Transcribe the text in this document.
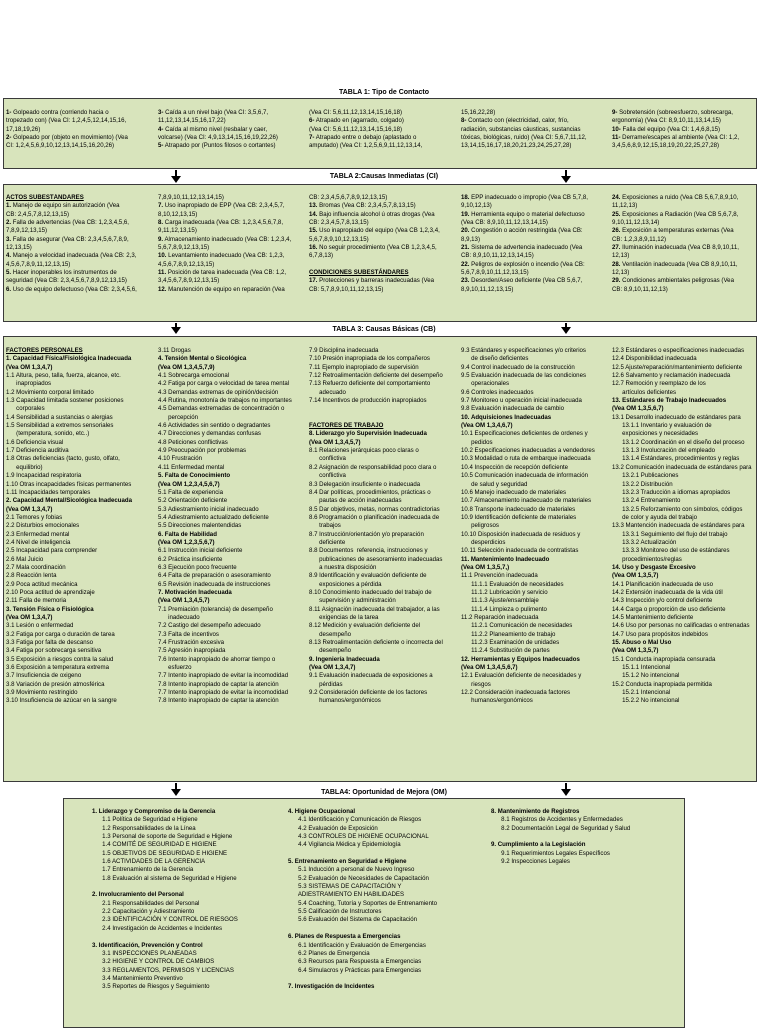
TABLA 1: Tipo de Contacto
1- Golpeado contra (corriendo hacia o
tropezado con) (Vea CI: 1,2,4,5,12,14,15,16,
17,18,19,26)
2- Golpeado por (objeto en movimiento) (Vea
CI: 1,2,4,5,6,9,10,12,13,14,15,16,20,26)
3- Caída a un nivel bajo (Vea CI: 3,5,6,7,
11,12,13,14,15,16,17,22)
4- Caída al mismo nivel (resbalar y caer,
volcarse) (Vea CI: 4,9,13,14,15,16,19,22,26)
5- Atrapado por (Puntos filosos o cortantes)
(Vea CI: 5,6,11,12,13,14,15,16,18)
6- Atrapado en (agarrado, colgado)
(Vea CI: 5,6,11,12,13,14,15,16,18)
7- Atrapado entre o debajo (aplastado o
amputado) (Vea CI: 1,2,5,6,9,11,12,13,14,
15,16,22,28)
8- Contacto con (electricidad, calor, frío,
radiación, substancias cáusticas, sustancias
tóxicas, biológicas, ruido) (Vea CI: 5,6,7,11,12,
13,14,15,16,17,18,20,21,23,24,25,27,28)
9- Sobretensión (sobreesfuerzo, sobrecarga,
ergonomía) (Vea CI: 8,9,10,11,13,14,15)
10- Falla del equipo (Vea CI: 1,4,6,8,15)
11- Derrame/escapes al ambiente (Vea CI: 1,2,
3,4,5,6,8,9,12,15,18,19,20,22,25,27,28)
TABLA 2:Causas Inmediatas (CI)
ACTOS SUBESTÁNDARES
1. Manejo de equipo sin autorización (Vea
CB: 2,4,5,7,8,12,13,15)
2. Falla de advertencias (Vea CB: 1,2,3,4,5,6,
7,8,9,12,13,15)
3. Falla de asegurar (Vea CB: 2,3,4,5,6,7,8,9,
12,13,15)
4. Manejo a velocidad inadecuada (Vea CB: 2,3,
4,5,6,7,8,9,11,12,13,15)
5. Hacer inoperables los instrumentos de
seguridad (Vea CB: 2,3,4,5,6,7,8,9,12,13,15)
6. Uso de equipo defectuoso (Vea CB: 2,3,4,5,6,
7,8,9,10,11,12,13,14,15)
7. Uso inapropiado de EPP (Vea CB: 2,3,4,5,7,
8,10,12,13,15)
8. Carga inadecuada (Vea CB: 1,2,3,4,5,6,7,8,
9,11,12,13,15)
9. Almacenamiento inadecuado (Vea CB: 1,2,3,4,
5,6,7,8,9,12,13,15)
10. Levantamiento inadecuado (Vea CB: 1,2,3,
4,5,6,7,8,9,12,13,15)
11. Posición de tarea inadecuada (Vea CB: 1,2,
3,4,5,6,7,8,9,12,13,15)
12. Manutención de equipo en reparación (Vea
CB: 2,3,4,5,6,7,8,9,12,13,15)
13. Bromas (Vea CB: 2,3,4,5,7,8,13,15)
14. Bajo influencia alcohol ú otras drogas (Vea
CB: 2,3,4,5,7,8,13,15)
15. Uso inapropiado del equipo (Vea CB 1,2,3,4,
5,6,7,8,9,10,12,13,15)
16. No seguir procedimiento (Vea CB 1,2,3,4,5,
6,7,8,13)

CONDICIONES SUBESTÁNDARES
17. Protecciones y barreras inadecuadas (Vea
CB: 5,7,8,9,10,11,12,13,15)
18. EPP inadecuado o impropio (Vea CB 5,7,8,
9,10,12,13)
19. Herramienta equipo o material defectuoso
(Vea CB: 8,9,10,11,12,13,14,15)
20. Congestión o acción restringida (Vea CB:
8,9,13)
21. Sistema de advertencia inadecuado (Vea
CB: 8,9,10,11,12,13,14,15)
22. Peligros de explosión o incendio (Vea CB:
5,6,7,8,9,10,11,12,13,15)
23. Desorden/Aseo deficiente (Vea CB 5,6,7,
8,9,10,11,12,13,15)
24. Exposiciones a ruido (Vea CB 5,6,7,8,9,10,
11,12,13)
25. Exposiciones a Radiación (Vea CB 5,6,7,8,
9,10,11,12,13,14)
26. Exposición a temperaturas externas (Vea
CB: 1,2,3,8,9,11,12)
27. Iluminación inadecuada (Vea CB 8,9,10,11,
12,13)
28. Ventilación inadecuada (Vea CB 8,9,10,11,
12,13)
29. Condiciones ambientales peligrosas (Vea
CB: 8,9,10,11,12,13)
TABLA 3: Causas Básicas (CB)
FACTORES PERSONALES
1. Capacidad Física/Fisiológica Inadecuada
(Vea OM 1,3,4,7)
1.1 Altura, peso, talla, fuerza, alcance, etc.
inapropiados
1.2 Movimiento corporal limitado
1.3 Capacidad limitada sostener posiciones
corporales
1.4 Sensibilidad a sustancias o alergias
1.5 Sensibilidad a extremos sensoriales
(temperatura, sonido, etc..)
1.6 Deficiencia visual
1.7 Deficiencia auditiva
1.8 Otras deficiencias (tacto, gusto, olfato,
equilibrio)
1.9 Incapacidad respiratoria
1.10 Otras incapacidades físicas permanentes
1.11 Incapacidades temporales
2. Capacidad Mental/Sicológica Inadecuada
(Vea OM 1,3,4,7)
2.1 Temores y fobias
2.2 Disturbios emocionales
2.3 Enfermedad mental
2.4 Nivel de inteligencia
2.5 Incapacidad para comprender
2.6 Mal Juicio
2.7 Mala coordinación
2.8 Reacción lenta
2.9 Poca actitud mecánica
2.10 Poca actitud de aprendizaje
2.11 Falla de memoria
3. Tensión Física o Fisiológica
(Vea OM 1,3,4,7)
3.1 Lesión o enfermedad
3.2 Fatiga por carga o duración de tarea
3.3 Fatiga por falta de descanso
3.4 Fatiga por sobrecarga sensitiva
3.5 Exposición a riesgos contra la salud
3.6 Exposición a temperatura extrema
3.7 Insuficiencia de oxigeno
3.8 Variación de presión atmosférica
3.9 Movimiento restringido
3.10 Insuficiencia de azúcar en la sangre
3.11 Drogas
4. Tensión Mental o Sicológica
(Vea OM 1,3,4,5,7,9)
4.1 Sobrecarga emocional
4.2 Fatiga por carga o velocidad de tarea mental
4.3 Demandas extremas de opinión/decisión
4.4 Rutina, monotonía de trabajos no importantes
4.5 Demandas extremadas de concentración o
percepción
4.6 Actividades sin sentido o degradantes
4.7 Direcciones y demandas confusas
4.8 Peticiones conflictivas
4.9 Preocupación por problemas
4.10 Frustración
4.11 Enfermedad mental
5. Falta de Conocimiento
(Vea OM 1,2,3,4,5,6,7)
5.1 Falta de experiencia
5.2 Orientación deficiente
5.3 Adiestramiento inicial inadecuado
5.4 Adiestramiento actualizado deficiente
5.5 Direcciones malentendidas
6. Falta de Habilidad
(Vea OM 1,2,3,5,6,7)
6.1 Instrucción inicial deficiente
6.2 Práctica insuficiente
6.3 Ejecución poco frecuente
6.4 Falta de preparación o asesoramiento
6.5 Revisión inadecuada de instrucciones
7. Motivación Inadecuada
(Vea OM 1,3,4,5,7)
7.1 Premiación (tolerancia) de desempeño
inadecuado
7.2 Castigo del desempeño adecuado
7.3 Falta de incentivos
7.4 Frustración excesiva
7.5 Agresión inapropiada
7.6 Intento inapropiado de ahorrar tiempo o
esfuerzo
7.7 Intento inapropiado de evitar la incomodidad
7.8 Intento inapropiado de captar la atención
7.7 Intento inapropiado de evitar la incomodidad
7.8 Intento inapropiado de captar la atención
7.9 Disciplina inadecuada
7.10 Presión inapropiada de los compañeros
7.11 Ejemplo inapropiado de supervisión
7.12 Retroalimentación deficiente del desempeño
7.13 Refuerzo deficiente del comportamiento
adecuado
7.14 Incentivos de producción inapropiados

FACTORES DE TRABAJO
8. Liderazgo y/o Supervisión Inadecuada
(Vea OM 1,3,4,5,7)
8.1 Relaciones jerárquicas poco claras o
conflictiva
8.2 Asignación de responsabilidad poco clara o
conflictiva
8.3 Delegación insuficiente o inadecuada
8.4 Dar políticas, procedimientos, prácticas o
pautas de acción inadecuadas
8.5 Dar objetivos, metas, normas contradictorias
8.6 Programación o planificación inadecuada de
trabajos
8.7 Instrucción/orientación y/o preparación
deficiente
8.8 Documentos  referencia, instrucciones y
publicaciones de asesoramiento inadecuadas
a nuestra disposición
8.9 Identificación y evaluación deficiente de
exposiciones a pérdida
8.10 Conocimiento inadecuado del trabajo de
supervisión y administración
8.11 Asignación inadecuada del trabajador, a las
exigencias de la tarea
8.12 Medición y evaluación deficiente del
desempeño
8.13 Retroalimentación deficiente o incorrecta del
desempeño
9. Ingeniería Inadecuada
(Vea OM 1,3,4,7)
9.1 Evaluación inadecuada de exposiciones a
pérdidas
9.2 Consideración deficiente de los factores
humanos/ergonómicos
9.3 Estándares y especificaciones y/o criterios
de diseño deficientes
9.4 Control inadecuado de la construcción
9.5 Evaluación inadecuada de las condiciones
operacionales
9.6 Controles inadecuados
9.7 Monitoreo u operación inicial inadecuada
9.8 Evaluación inadecuada de cambio
10. Adquisiciones Inadecuadas
(Vea OM 1,3,4,6,7)
10.1 Especificaciones deficientes de ordenes y
pedidos
10.2 Especificaciones inadecuadas a vendedores
10.3 Modalidad o ruta de embarque inadecuada
10.4 Inspección de recepción deficiente
10.5 Comunicación inadecuada de información
de salud y seguridad
10.6 Manejo inadecuado de materiales
10.7 Almacenamiento inadecuado de materiales
10.8 Transporte inadecuado de materiales
10.9 Identificación deficiente de materiales
peligrosos
10.10 Disposición inadecuada de residuos y
desperdicios
10.11 Selección inadecuada de contratistas
11. Mantenimiento Inadecuado
(Vea OM 1,3,5,7,)
11.1 Prevención inadecuada
11.1.1 Evaluación de necesidades
11.1.2 Lubricación y servicio
11.1.3 Ajuste/ensamblaje
11.1.4 Limpieza o pulimento
11.2 Reparación inadecuada
11.2.1 Comunicación de necesidades
11.2.2 Planeamiento de trabajo
11.2.3 Examinación de unidades
11.2.4 Substitución de partes
12. Herramientas y Equipos Inadecuados
(Vea OM 1,3,4,5,6,7)
12.1 Evaluación deficiente de necesidades y
riesgos
12.2 Consideración inadecuada factores
humanos/ergonómicos
12.3 Estándares o especificaciones inadecuadas
12.4 Disponibilidad inadecuada
12.5 Ajuste/reparación/mantenimiento deficiente
12.6 Salvamento y reclamación inadecuada
12.7 Remoción y reemplazo de los
artículos deficientes
13. Estándares de Trabajo Inadecuados
(Vea OM 1,3,5,6,7)
13.1 Desarrollo inadecuado de estándares para
13.1.1 Inventario y evaluación de
exposiciones y necesidades
13.1.2 Coordinación en el diseño del proceso
13.1.3 Involucración del empleado
13.1.4 Estándares, procedimientos y reglas
13.2 Comunicación inadecuada de estándares para
13.2.1 Publicaciones
13.2.2 Distribución
13.2.3 Traducción a idiomas apropiados
13.2.4 Entrenamiento
13.2.5 Reforzamiento con símbolos, códigos
de color y ayuda del trabajo
13.3 Mantención inadecuada de estándares para
13.3.1 Seguimiento del flujo del trabajo
13.3.2 Actualización
13.3.3 Monitoreo del uso de estándares
procedimientos/reglas
14. Uso y Desgaste Excesivo
(Vea OM 1,3,5,7)
14.1 Planificación inadecuada de uso
14.2 Extensión inadecuada de la vida útil
14.3 Inspección y/o control deficiente
14.4 Carga o proporción de uso deficiente
14.5 Mantenimiento deficiente
14.6 Uso por personas no calificadas o entrenadas
14.7 Uso para propósitos indebidos
15. Abuso o Mal Uso
(Vea OM 1,3,5,7)
15.1 Conducta inapropiada censurada
15.1.1 Intencional
15.1.2 No intencional
15.2 Conducta inapropiada permitida
15.2.1 Intencional
15.2.2 No intencional
TABLA4: Oportunidad de Mejora (OM)
1. Liderazgo y Compromiso de la Gerencia
1.1 Política de Seguridad e Higiene
1.2 Responsabilidades de la Línea
1.3 Personal de soporte de Seguridad e Higiene
1.4 COMITÉ DE SEGURIDAD E HIGIENE
1.5 OBJETIVOS DE SEGURIDAD E HIGIENE
1.6 ACTIVIDADES DE LA GERENCIA
1.7 Entrenamiento de la Gerencia
1.8 Evaluación al sistema de Seguridad e Higiene

2. Involucramiento del Personal
2.1 Responsabilidades del Personal
2.2 Capacitación y Adiestramiento
2.3 IDENTIFICACIÓN Y CONTROL DE RIESGOS
2.4 Investigación de Accidentes e Incidentes

3. Identificación, Prevención y Control
3.1 INSPECCIONES PLANEADAS
3.2 HIGIENE Y CONTROL DE CAMBIOS
3.3 REGLAMENTOS, PERMISOS Y LICENCIAS
3.4 Mantenimiento Preventivo
3.5 Reportes de Riesgos y Seguimiento
4. Higiene Ocupacional
4.1 Identificación y Comunicación de Riesgos
4.2 Evaluación de Exposición
4.3 CONTROLES DE HIGIENE OCUPACIONAL
4.4 Vigilancia Médica y Epidemiología

5. Entrenamiento en Seguridad e Higiene
5.1 Inducción a personal de Nuevo Ingreso
5.2 Evaluación de Necesidades de Capacitación
5.3 SISTEMAS DE CAPACITACIÓN Y
ADIESTRAMIENTO EN HABILIDADES
5.4 Coaching, Tutoría y Soportes de Entrenamiento
5.5 Calificación de Instructores
5.6 Evaluación del Sistema de Capacitación

6. Planes de Respuesta a Emergencias
6.1 Identificación y Evaluación de Emergencias
6.2 Planes de Emergencia
6.3 Recursos para Respuesta a Emergencias
6.4 Simulacros y Prácticas para Emergencias

7. Investigación de Incidentes
8. Mantenimiento de Registros
8.1 Registros de Accidentes y Enfermedades
8.2 Documentación Legal de Seguridad y Salud

9. Cumplimiento a la Legislación
9.1 Requerimientos Legales Específicos
9.2 Inspecciones Legales
